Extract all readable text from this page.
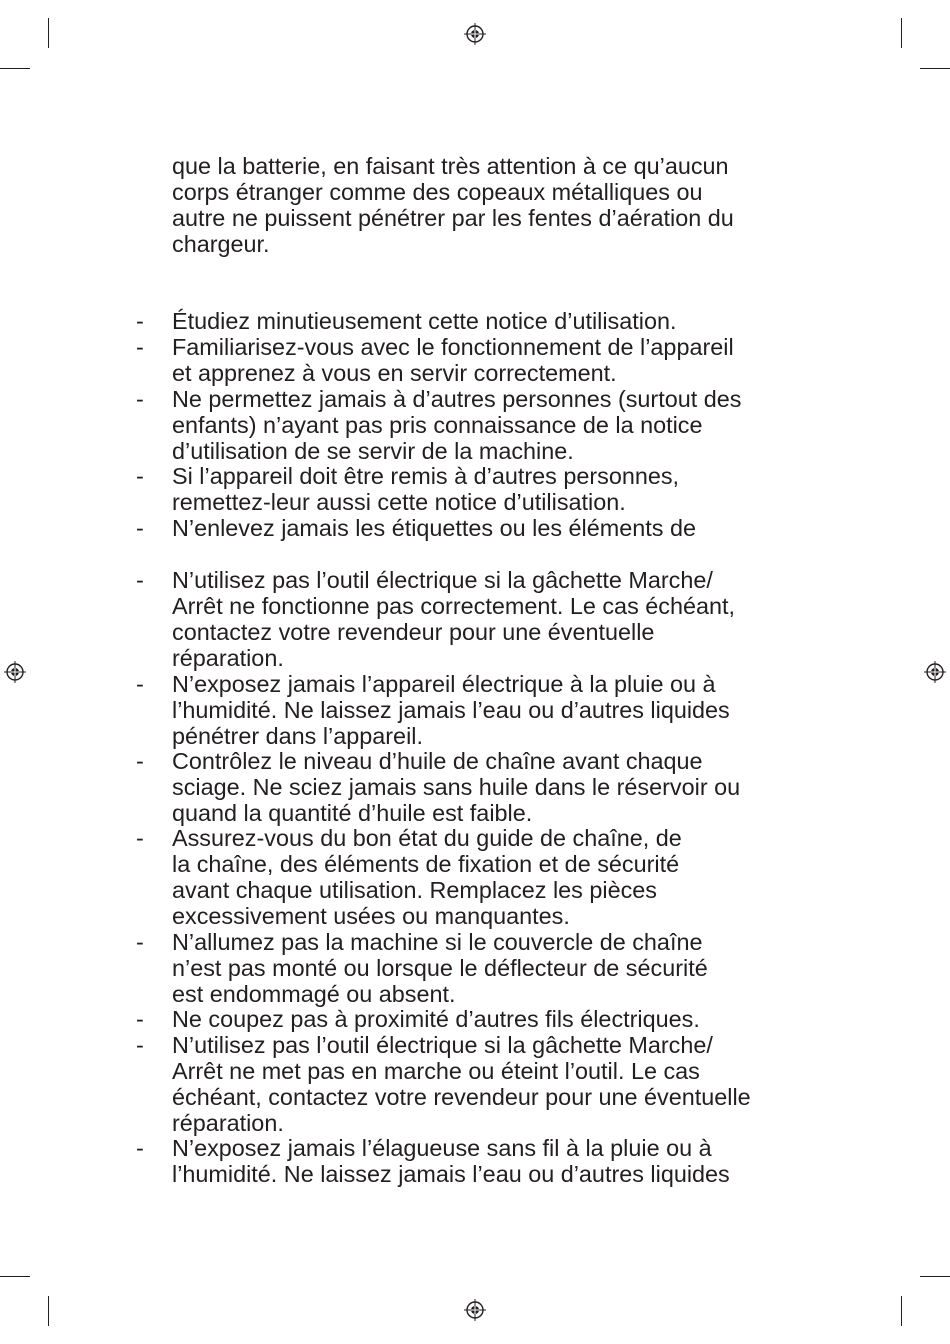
que la batterie, en faisant très attention à ce qu’aucun
corps étranger comme des copeaux métalliques ou
autre ne puissent pénétrer par les fentes d’aération du
chargeur.
- Étudiez minutieusement cette notice d’utilisation.
- Familiarisez-vous avec le fonctionnement de l’appareil
et apprenez à vous en servir correctement.
- Ne permettez jamais à d’autres personnes (surtout des
enfants) n’ayant pas pris connaissance de la notice
d’utilisation de se servir de la machine.
- Si l’appareil doit être remis à d’autres personnes,
remettez-leur aussi cette notice d’utilisation.
- N’enlevez jamais les étiquettes ou les éléments de
- N’utilisez pas l’outil électrique si la gâchette Marche/
Arrêt ne fonctionne pas correctement. Le cas échéant,
contactez votre revendeur pour une éventuelle
réparation.
- N’exposez jamais l’appareil électrique à la pluie ou à
l’humidité. Ne laissez jamais l’eau ou d’autres liquides
pénétrer dans l’appareil.
- Contrôlez le niveau d’huile de chaîne avant chaque
sciage. Ne sciez jamais sans huile dans le réservoir ou
quand la quantité d’huile est faible.
- Assurez-vous du bon état du guide de chaîne, de
la chaîne, des éléments de fixation et de sécurité
avant chaque utilisation. Remplacez les pièces
excessivement usées ou manquantes.
- N’allumez pas la machine si le couvercle de chaîne
n’est pas monté ou lorsque le déflecteur de sécurité
est endommagé ou absent.
- Ne coupez pas à proximité d’autres fils électriques.
- N’utilisez pas l’outil électrique si la gâchette Marche/
Arrêt ne met pas en marche ou éteint l’outil. Le cas
échéant, contactez votre revendeur pour une éventuelle
réparation.
- N’exposez jamais l’élagueuse sans fil à la pluie ou à
l’humidité. Ne laissez jamais l’eau ou d’autres liquides
